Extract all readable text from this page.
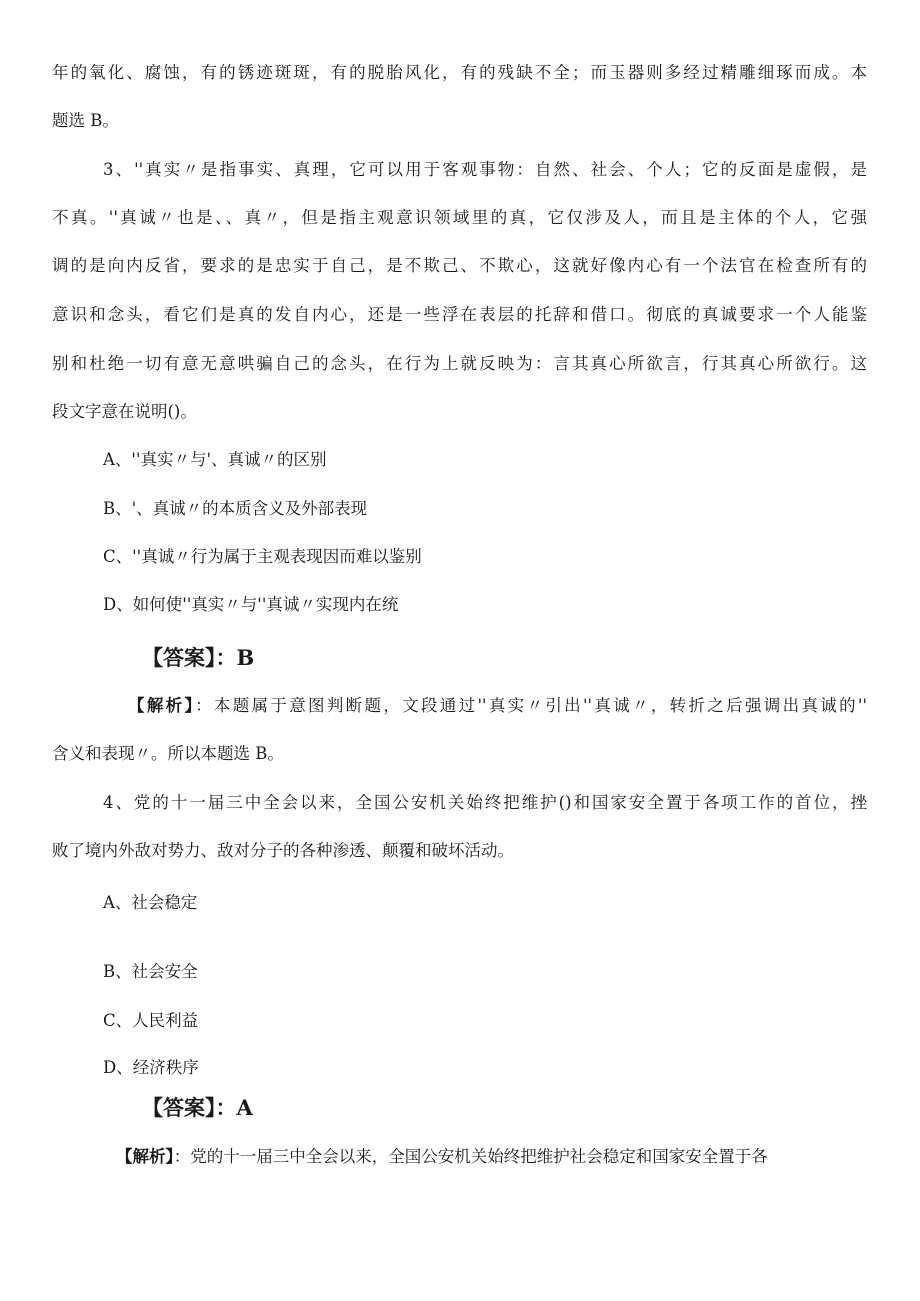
年的氧化、腐蚀，有的锈迹斑斑，有的脱胎风化，有的残缺不全；而玉器则多经过精雕细琢而成。本
题选 B。
3、''真实〃是指事实、真理，它可以用于客观事物：自然、社会、个人；它的反面是虚假，是
不真。''真诚〃也是、、真〃，但是指主观意识领域里的真，它仅涉及人，而且是主体的个人，它强
调的是向内反省，要求的是忠实于自己，是不欺己、不欺心，这就好像内心有一个法官在检查所有的
意识和念头，看它们是真的发自内心，还是一些浮在表层的托辞和借口。彻底的真诚要求一个人能鉴
别和杜绝一切有意无意哄骗自己的念头，在行为上就反映为：言其真心所欲言，行其真心所欲行。这
段文字意在说明()。
A、''真实〃与'、真诚〃的区别
B、'、真诚〃的本质含义及外部表现
C、''真诚〃行为属于主观表现因而难以鉴别
D、如何使''真实〃与''真诚〃实现内在统
【答案】：B
【解析】：本题属于意图判断题，文段通过''真实〃引出''真诚〃，转折之后强调出真诚的''
含义和表现〃。所以本题选 B。
4、党的十一届三中全会以来，全国公安机关始终把维护()和国家安全置于各项工作的首位，挫
败了境内外敌对势力、敌对分子的各种渗透、颠覆和破坏活动。
A、社会稳定
B、社会安全
C、人民利益
D、经济秩序
【答案】：A
【解析】：党的十一届三中全会以来，全国公安机关始终把维护社会稳定和国家安全置于各
